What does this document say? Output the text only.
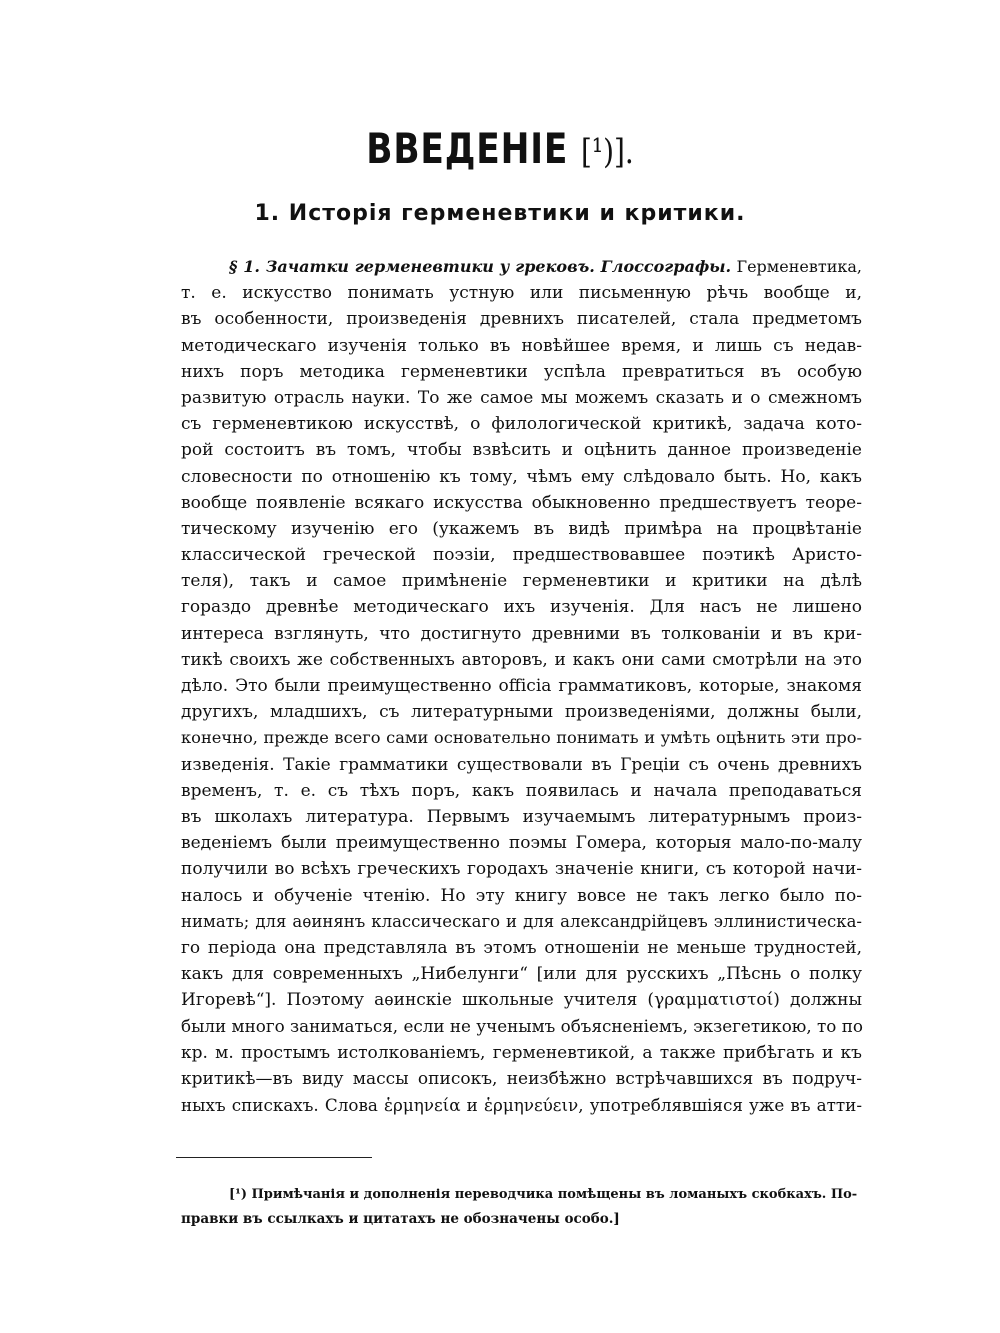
ВВЕДЕНІЕ [¹)].
1. Исторія герменевтики и критики.
§ 1. Зачатки герменевтики у грековъ. Глоссографы. Герменевтика,
т. е. искусство понимать устную или письменную рѣчь вообще и,
въ особенности, произведенія древнихъ писателей, стала предметомъ
методическаго изученія только въ новѣйшее время, и лишь съ недав-
нихъ поръ методика герменевтики успѣла превратиться въ особую
развитую отрасль науки. То же самое мы можемъ сказать и о смежномъ
съ герменевтикою искусствѣ, о филологической критикѣ, задача кото-
рой состоитъ въ томъ, чтобы взвѣсить и оцѣнить данное произведеніе
словесности по отношенію къ тому, чѣмъ ему слѣдовало быть. Но, какъ
вообще появленіе всякаго искусства обыкновенно предшествуетъ теоре-
тическому изученію его (укажемъ въ видѣ примѣра на процвѣтаніе
классической греческой поэзіи, предшествовавшее поэтикѣ Аристо-
теля), такъ и самое примѣненіе герменевтики и критики на дѣлѣ
гораздо древнѣе методическаго ихъ изученія. Для насъ не лишено
интереса взглянуть, что достигнуто древними въ толкованіи и въ кри-
тикѣ своихъ же собственныхъ авторовъ, и какъ они сами смотрѣли на это
дѣло. Это были преимущественно officia грамматиковъ, которые, знакомя
другихъ, младшихъ, съ литературными произведеніями, должны были,
конечно, прежде всего сами основательно понимать и умѣть оцѣнить эти про-
изведенія. Такіе грамматики существовали въ Греціи съ очень древнихъ
временъ, т. е. съ тѣхъ поръ, какъ появилась и начала преподаваться
въ школахъ литература. Первымъ изучаемымъ литературнымъ произ-
веденіемъ были преимущественно поэмы Гомера, которыя мало-по-малу
получили во всѣхъ греческихъ городахъ значеніе книги, съ которой начи-
налось и обученіе чтенію. Но эту книгу вовсе не такъ легко было по-
нимать; для аѳинянъ классическаго и для александрійцевъ эллинистическа-
го періода она представляла въ этомъ отношеніи не меньше трудностей,
какъ для современныхъ „Нибелунги“ [или для русскихъ „Пѣснь о полку
Игоревѣ“]. Поэтому аѳинскіе школьные учителя (γραμματιστοί) должны
были много заниматься, если не ученымъ объясненіемъ, экзегетикою, то по
кр. м. простымъ истолкованіемъ, герменевтикой, а также прибѣгать и къ
критикѣ—въ виду массы описокъ, неизбѣжно встрѣчавшихся въ подруч-
ныхъ спискахъ. Слова ἑρμηνεία и ἑρμηνεύειν, употреблявшіяся уже въ атти-
[¹) Примѣчанія и дополненія переводчика помѣщены въ ломаныхъ скобкахъ. По-
правки въ ссылкахъ и цитатахъ не обозначены особо.]
